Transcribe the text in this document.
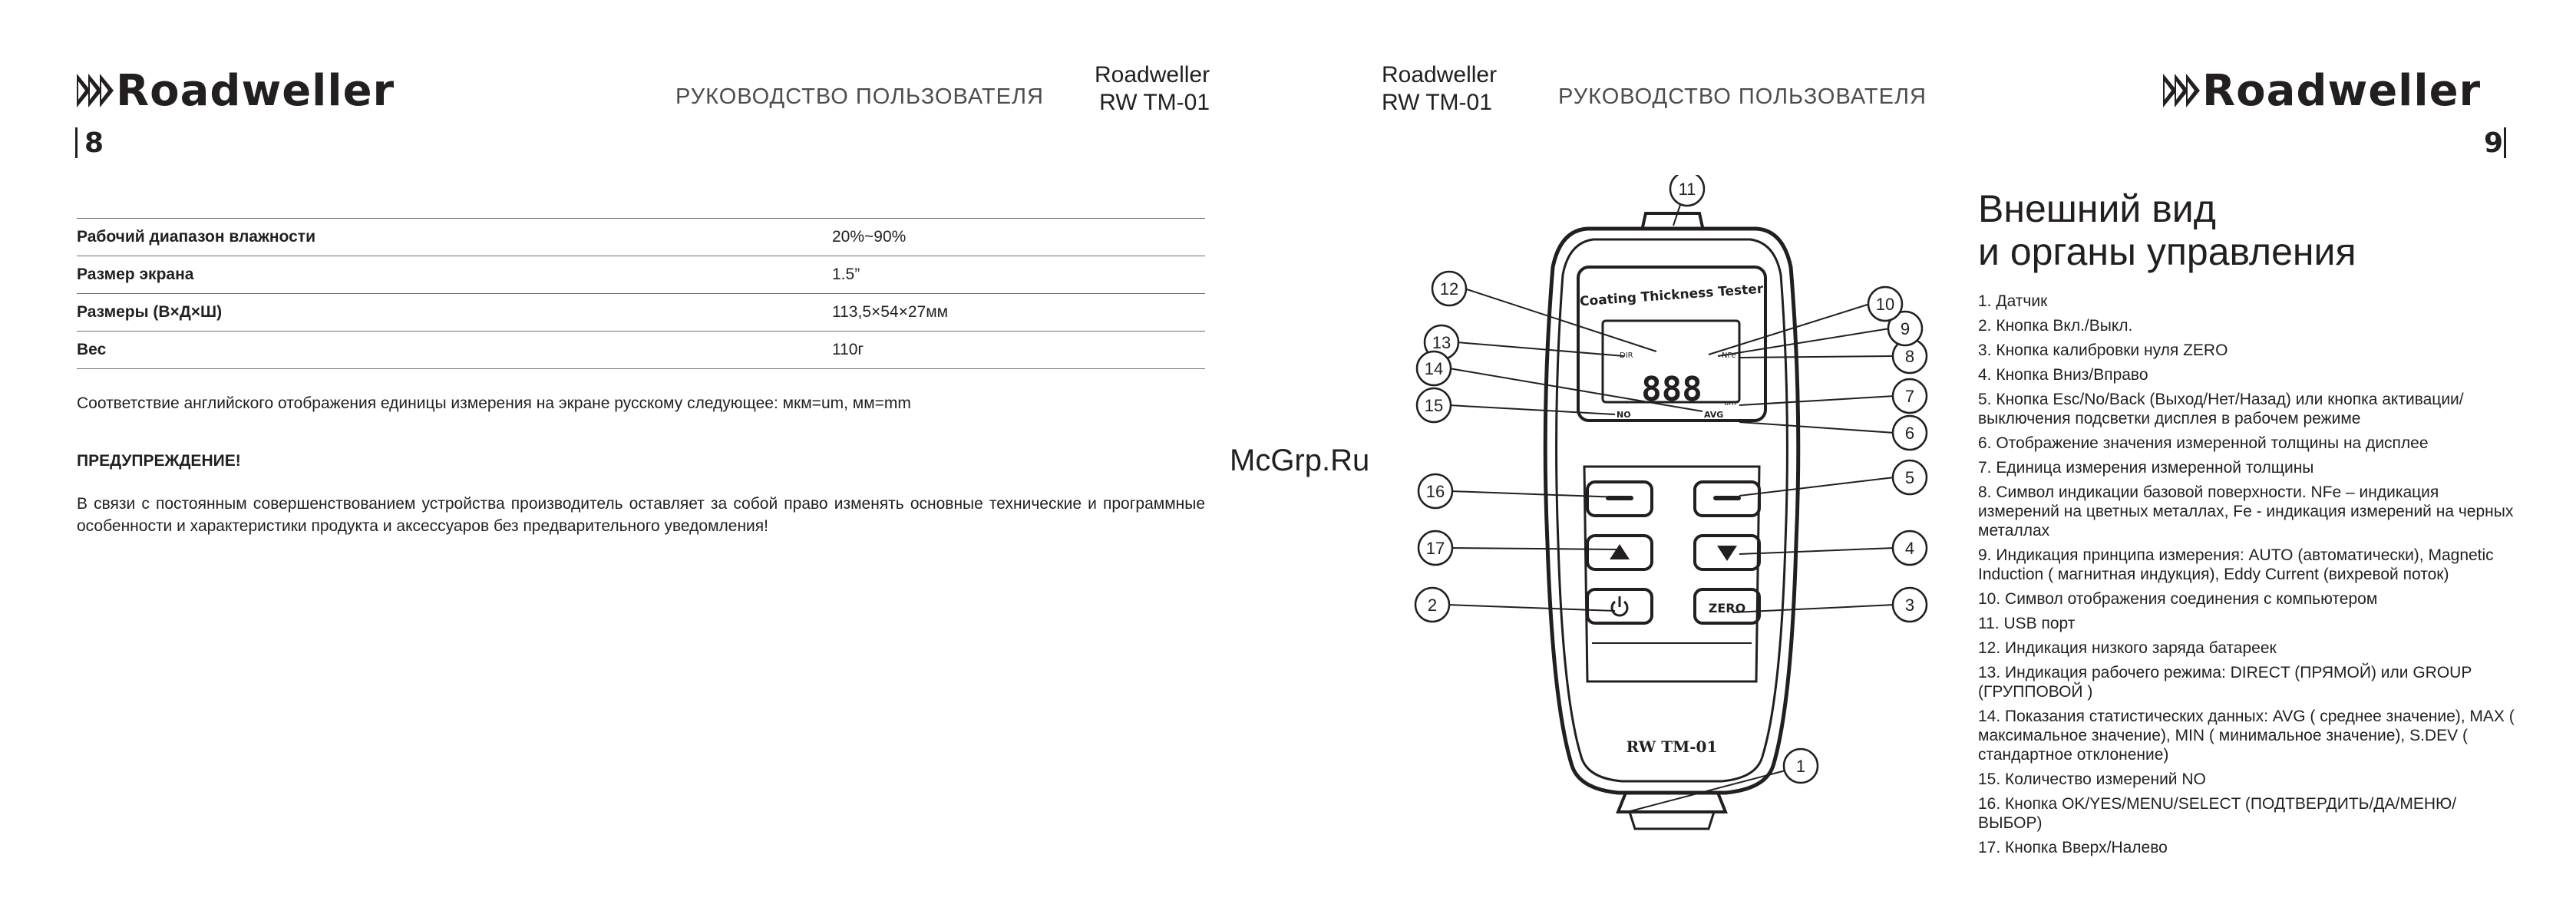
Roadweller	РУКОВОДСТВО ПОЛЬЗОВАТЕЛЯ
Roadweller
RW TM-01
8
Рабочий диапазон влажности	20%~90%
Размер экрана	1.5”
Размеры (В×Д×Ш)	113,5×54×27мм
Вес	110г

Соответствие английского отображения единицы измерения на экране русскому следующее: мкм=um, мм=mm

ПРЕДУПРЕЖДЕНИЕ!

В связи с постоянным совершенствованием устройства производитель оставляет за собой право изменять основные технические и программные особенности и характеристики продукта и аксессуаров без предварительного уведомления!

McGrp.Ru
Roadweller
RW TM-01	РУКОВОДСТВО ПОЛЬЗОВАТЕЛЯ	Roadweller
9
Coating Thickness Tester
DIR	NFe
888	um
NO	AVG
ZERO
RW TM-01
1
2	3
4
5
6
7
8
9
10
11
12
13
14
15
16
17
Внешний вид
и органы управления
1. Датчик
2. Кнопка Вкл./Выкл.
3. Кнопка калибровки нуля ZERO
4. Кнопка Вниз/Вправо
5. Кнопка Esc/No/Back (Выход/Нет/Назад) или кнопка активации/выключения подсветки дисплея в рабочем режиме
6. Отображение значения измеренной толщины на дисплее
7. Единица измерения измеренной толщины
8. Символ индикации базовой поверхности. NFe – индикация измерений на цветных металлах, Fe - индикация измерений на черных металлах
9. Индикация принципа измерения: AUTO (автоматически), Magnetic Induction ( магнитная индукция), Eddy Current (вихревой поток)
10. Символ отображения соединения с компьютером
11. USB порт
12. Индикация низкого заряда батареек
13. Индикация рабочего режима: DIRECT (ПРЯМОЙ) или GROUP (ГРУППОВОЙ )
14. Показания статистических данных: AVG ( среднее значение), MAX ( максимальное значение), MIN ( минимальное значение), S.DEV ( стандартное отклонение)
15. Количество измерений NO
16. Кнопка OK/YES/MENU/SELECT (ПОДТВЕРДИТЬ/ДА/МЕНЮ/ВЫБОР)
17. Кнопка Вверх/Налево
